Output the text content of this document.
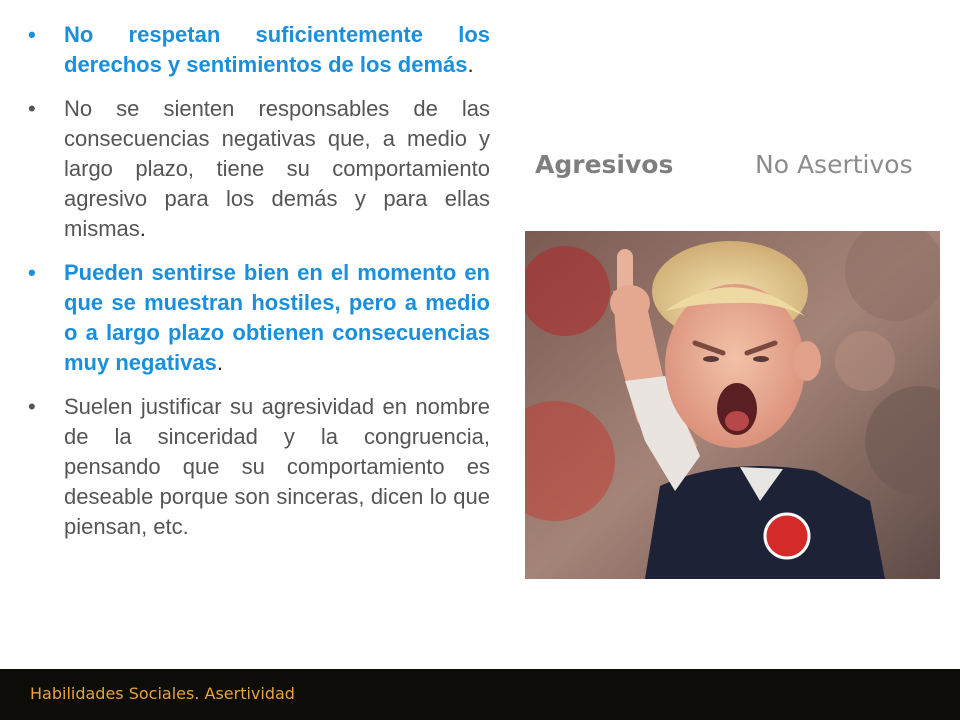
• No respetan suficientemente los derechos y sentimientos de los demás.
• No se sienten responsables de las consecuencias negativas que, a medio y largo plazo, tiene su comportamiento agresivo para los demás y para ellas mismas.
• Pueden sentirse bien en el momento en que se muestran hostiles, pero a medio o a largo plazo obtienen consecuencias muy negativas.
• Suelen justificar su agresividad en nombre de la sinceridad y la congruencia, pensando que su comportamiento es deseable porque son sinceras, dicen lo que piensan, etc.
Agresivos	No Asertivos
Habilidades Sociales. Asertividad
